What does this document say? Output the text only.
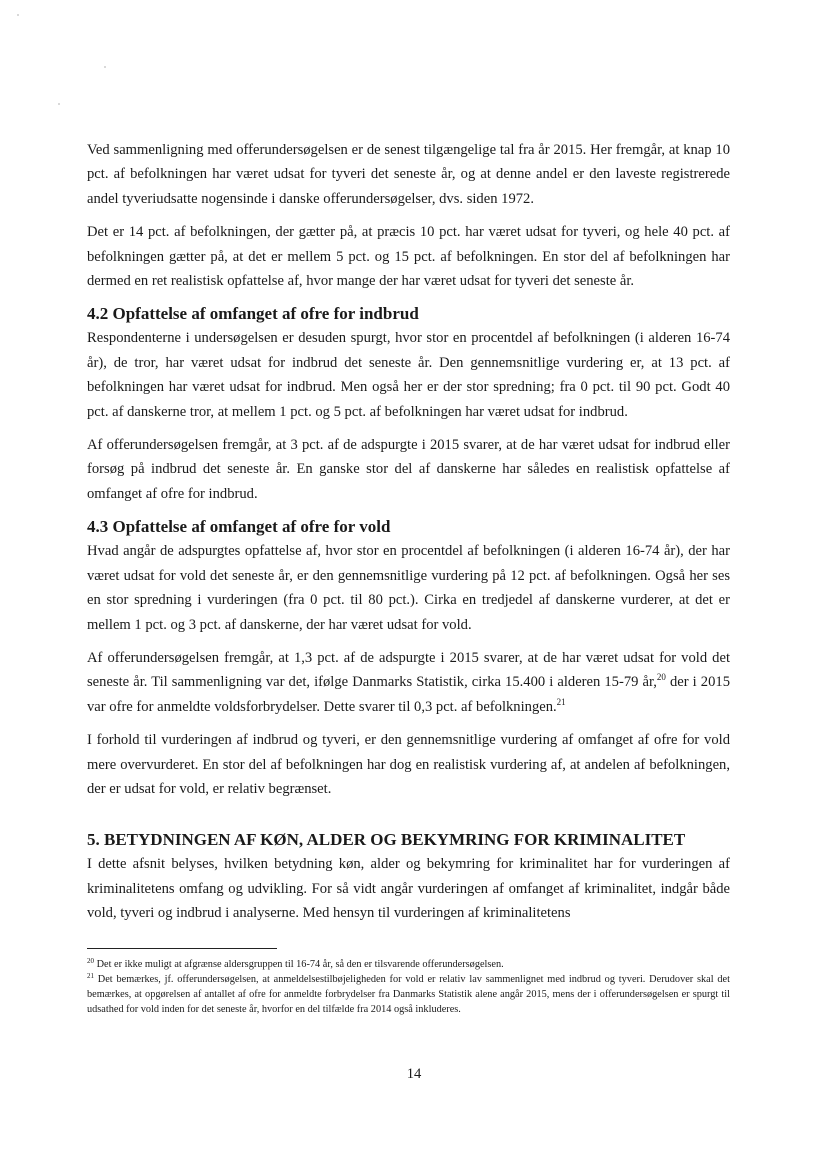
Ved sammenligning med offerundersøgelsen er de senest tilgængelige tal fra år 2015. Her fremgår, at knap 10 pct. af befolkningen har været udsat for tyveri det seneste år, og at denne andel er den laveste registrerede andel tyveriudsatte nogensinde i danske offerundersøgelser, dvs. siden 1972.

Det er 14 pct. af befolkningen, der gætter på, at præcis 10 pct. har været udsat for tyveri, og hele 40 pct. af befolkningen gætter på, at det er mellem 5 pct. og 15 pct. af befolkningen. En stor del af befolkningen har dermed en ret realistisk opfattelse af, hvor mange der har været udsat for tyveri det seneste år.

4.2 Opfattelse af omfanget af ofre for indbrud

Respondenterne i undersøgelsen er desuden spurgt, hvor stor en procentdel af befolkningen (i alderen 16-74 år), de tror, har været udsat for indbrud det seneste år. Den gennemsnitlige vurdering er, at 13 pct. af befolkningen har været udsat for indbrud. Men også her er der stor spredning; fra 0 pct. til 90 pct. Godt 40 pct. af danskerne tror, at mellem 1 pct. og 5 pct. af befolkningen har været udsat for indbrud.

Af offerundersøgelsen fremgår, at 3 pct. af de adspurgte i 2015 svarer, at de har været udsat for indbrud eller forsøg på indbrud det seneste år. En ganske stor del af danskerne har således en realistisk opfattelse af omfanget af ofre for indbrud.

4.3 Opfattelse af omfanget af ofre for vold

Hvad angår de adspurgtes opfattelse af, hvor stor en procentdel af befolkningen (i alderen 16-74 år), der har været udsat for vold det seneste år, er den gennemsnitlige vurdering på 12 pct. af befolkningen. Også her ses en stor spredning i vurderingen (fra 0 pct. til 80 pct.). Cirka en tredjedel af danskerne vurderer, at det er mellem 1 pct. og 3 pct. af danskerne, der har været udsat for vold.

Af offerundersøgelsen fremgår, at 1,3 pct. af de adspurgte i 2015 svarer, at de har været udsat for vold det seneste år. Til sammenligning var det, ifølge Danmarks Statistik, cirka 15.400 i alderen 15-79 år,$^{20}$ der i 2015 var ofre for anmeldte voldsforbrydelser. Dette svarer til 0,3 pct. af befolkningen.$^{21}$

I forhold til vurderingen af indbrud og tyveri, er den gennemsnitlige vurdering af omfanget af ofre for vold mere overvurderet. En stor del af befolkningen har dog en realistisk vurdering af, at andelen af befolkningen, der er udsat for vold, er relativ begrænset.

5. BETYDNINGEN AF KØN, ALDER OG BEKYMRING FOR KRIMINALITET

I dette afsnit belyses, hvilken betydning køn, alder og bekymring for kriminalitet har for vurderingen af kriminalitetens omfang og udvikling. For så vidt angår vurderingen af omfanget af kriminalitet, indgår både vold, tyveri og indbrud i analyserne. Med hensyn til vurderingen af kriminalitetens

$^{20}$ Det er ikke muligt at afgrænse aldersgruppen til 16-74 år, så den er tilsvarende offerundersøgelsen.

$^{21}$ Det bemærkes, jf. offerundersøgelsen, at anmeldelsestilbøjeligheden for vold er relativ lav sammenlignet med indbrud og tyveri. Derudover skal det bemærkes, at opgørelsen af antallet af ofre for anmeldte forbrydelser fra Danmarks Statistik alene angår 2015, mens der i offerundersøgelsen er spurgt til udsathed for vold inden for det seneste år, hvorfor en del tilfælde fra 2014 også inkluderes.

14
